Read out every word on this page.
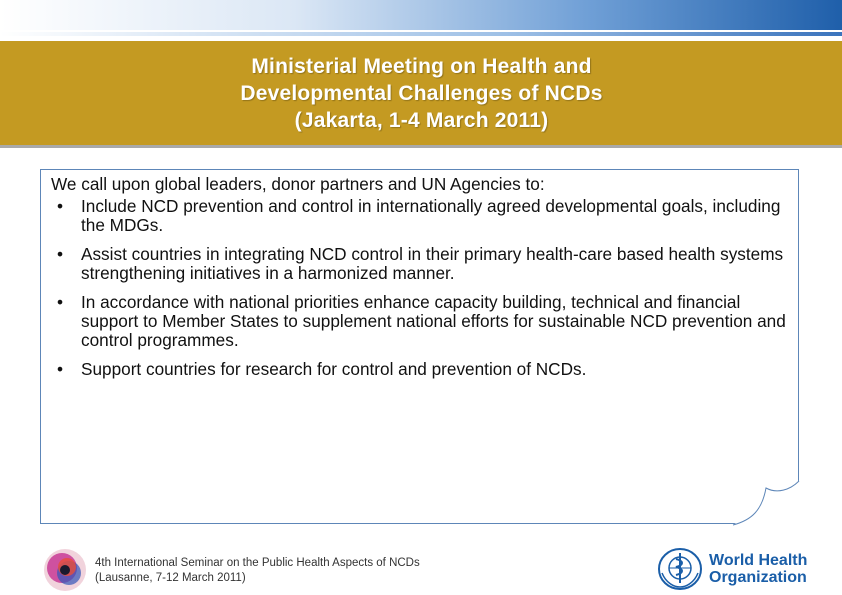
Ministerial Meeting on Health and
Developmental Challenges of NCDs
(Jakarta, 1-4 March 2011)

We call upon global leaders, donor partners and UN Agencies to:

• Include NCD prevention and control in internationally agreed developmental goals, including the MDGs.
• Assist countries in integrating NCD control in their primary health-care based health systems strengthening initiatives in a harmonized manner.
• In accordance with national priorities enhance capacity building, technical and financial support to Member States to supplement national efforts for sustainable NCD prevention and control programmes.
• Support countries for research for control and prevention of NCDs.
4th International Seminar on the Public Health Aspects of NCDs
(Lausanne, 7-12 March 2011)
World Health
Organization
